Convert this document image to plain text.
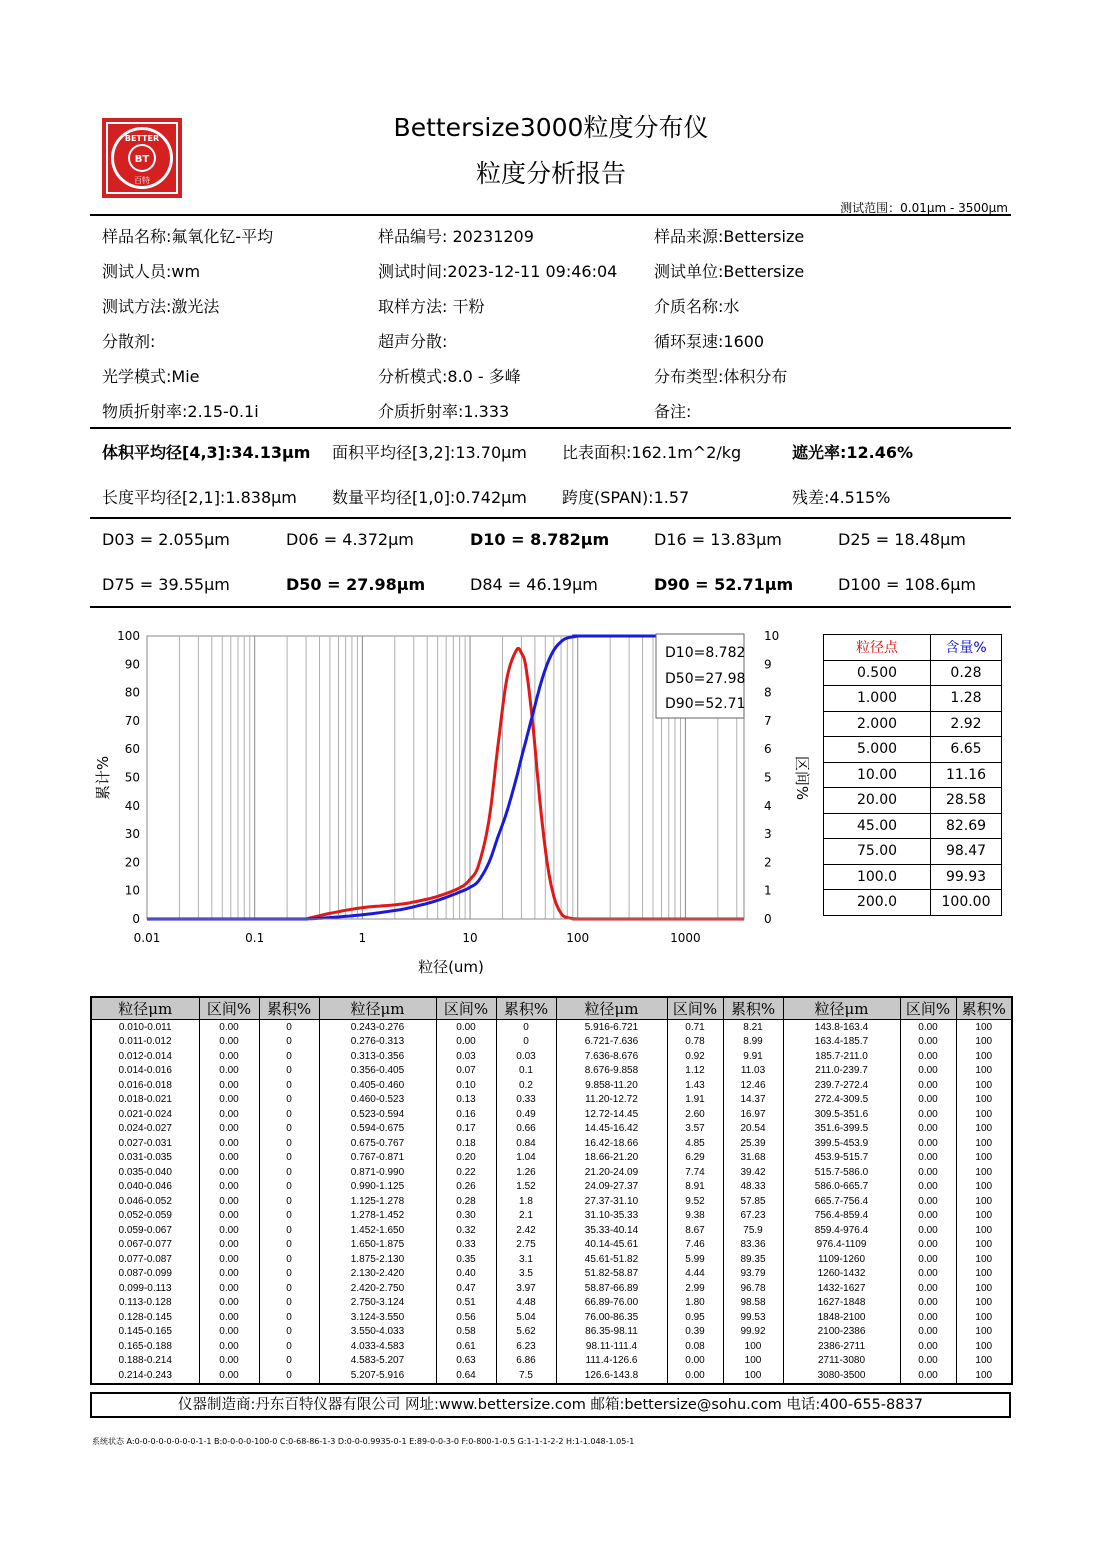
BT
BETTER
百特
Bettersize3000粒度分布仪
粒度分析报告
测试范围：0.01μm - 3500μm
样品名称:氟氧化钇-平均	样品编号: 20231209	样品来源:Bettersize
测试人员:wm	测试时间:2023-12-11 09:46:04 测试单位:Bettersize
测试方法:激光法	取样方法: 干粉	介质名称:水
分散剂:	超声分散:	循环泵速:1600
光学模式:Mie	分析模式:8.0 - 多峰	分布类型:体积分布
物质折射率:2.15-0.1i	介质折射率:1.333	备注:
体积平均径[4,3]:34.13μm 面积平均径[3,2]:13.70μm 比表面积:162.1m^2/kg	遮光率:12.46%
长度平均径[2,1]:1.838μm 数量平均径[1,0]:0.742μm 跨度(SPAN):1.57	残差:4.515%
D03 = 2.055μm	D06 = 4.372μm	D10 = 8.782μm	D16 = 13.83μm	D25 = 18.48μm
D75 = 39.55μm	D50 = 27.98μm	D84 = 46.19μm	D90 = 52.71μm	D100 = 108.6μm
0.01	0.1	1	10	100	1000
0
10
20
30
40
50
60
70
80
90
100
0
1
2
3
4
5
6
7
8
9
10
D10=8.782
D50=27.98
D90=52.71
粒径(um)
累计%	区间%
粒径点	含量%
0.500	0.28
1.000	1.28
2.000	2.92
5.000	6.65
10.00	11.16
20.00	28.58
45.00	82.69
75.00	98.47
100.0	99.93
200.0	100.00
粒径μm	区间%	累积%	粒径μm	区间%	累积%	粒径μm	区间%	累积%	粒径μm	区间%	累积%
0.010-0.011	0.00	0	0.243-0.276	0.00	0	5.916-6.721	0.71	8.21	143.8-163.4	0.00	100
0.011-0.012	0.00	0	0.276-0.313	0.00	0	6.721-7.636	0.78	8.99	163.4-185.7	0.00	100
0.012-0.014	0.00	0	0.313-0.356	0.03	0.03	7.636-8.676	0.92	9.91	185.7-211.0	0.00	100
0.014-0.016	0.00	0	0.356-0.405	0.07	0.1	8.676-9.858	1.12	11.03	211.0-239.7	0.00	100
0.016-0.018	0.00	0	0.405-0.460	0.10	0.2	9.858-11.20	1.43	12.46	239.7-272.4	0.00	100
0.018-0.021	0.00	0	0.460-0.523	0.13	0.33	11.20-12.72	1.91	14.37	272.4-309.5	0.00	100
0.021-0.024	0.00	0	0.523-0.594	0.16	0.49	12.72-14.45	2.60	16.97	309.5-351.6	0.00	100
0.024-0.027	0.00	0	0.594-0.675	0.17	0.66	14.45-16.42	3.57	20.54	351.6-399.5	0.00	100
0.027-0.031	0.00	0	0.675-0.767	0.18	0.84	16.42-18.66	4.85	25.39	399.5-453.9	0.00	100
0.031-0.035	0.00	0	0.767-0.871	0.20	1.04	18.66-21.20	6.29	31.68	453.9-515.7	0.00	100
0.035-0.040	0.00	0	0.871-0.990	0.22	1.26	21.20-24.09	7.74	39.42	515.7-586.0	0.00	100
0.040-0.046	0.00	0	0.990-1.125	0.26	1.52	24.09-27.37	8.91	48.33	586.0-665.7	0.00	100
0.046-0.052	0.00	0	1.125-1.278	0.28	1.8	27.37-31.10	9.52	57.85	665.7-756.4	0.00	100
0.052-0.059	0.00	0	1.278-1.452	0.30	2.1	31.10-35.33	9.38	67.23	756.4-859.4	0.00	100
0.059-0.067	0.00	0	1.452-1.650	0.32	2.42	35.33-40.14	8.67	75.9	859.4-976.4	0.00	100
0.067-0.077	0.00	0	1.650-1.875	0.33	2.75	40.14-45.61	7.46	83.36	976.4-1109	0.00	100
0.077-0.087	0.00	0	1.875-2.130	0.35	3.1	45.61-51.82	5.99	89.35	1109-1260	0.00	100
0.087-0.099	0.00	0	2.130-2.420	0.40	3.5	51.82-58.87	4.44	93.79	1260-1432	0.00	100
0.099-0.113	0.00	0	2.420-2.750	0.47	3.97	58.87-66.89	2.99	96.78	1432-1627	0.00	100
0.113-0.128	0.00	0	2.750-3.124	0.51	4.48	66.89-76.00	1.80	98.58	1627-1848	0.00	100
0.128-0.145	0.00	0	3.124-3.550	0.56	5.04	76.00-86.35	0.95	99.53	1848-2100	0.00	100
0.145-0.165	0.00	0	3.550-4.033	0.58	5.62	86.35-98.11	0.39	99.92	2100-2386	0.00	100
0.165-0.188	0.00	0	4.033-4.583	0.61	6.23	98.11-111.4	0.08	100	2386-2711	0.00	100
0.188-0.214	0.00	0	4.583-5.207	0.63	6.86	111.4-126.6	0.00	100	2711-3080	0.00	100
0.214-0.243	0.00	0	5.207-5.916	0.64	7.5	126.6-143.8	0.00	100	3080-3500	0.00	100
仪器制造商:丹东百特仪器有限公司 网址:www.bettersize.com 邮箱:bettersize@sohu.com 电话:400-655-8837
系统状态 A:0-0-0-0-0-0-0-0-1-1 B:0-0-0-0-100-0 C:0-68-86-1-3 D:0-0-0.9935-0-1 E:89-0-0-3-0 F:0-800-1-0.5 G:1-1-1-2-2 H:1-1.048-1.05-1
